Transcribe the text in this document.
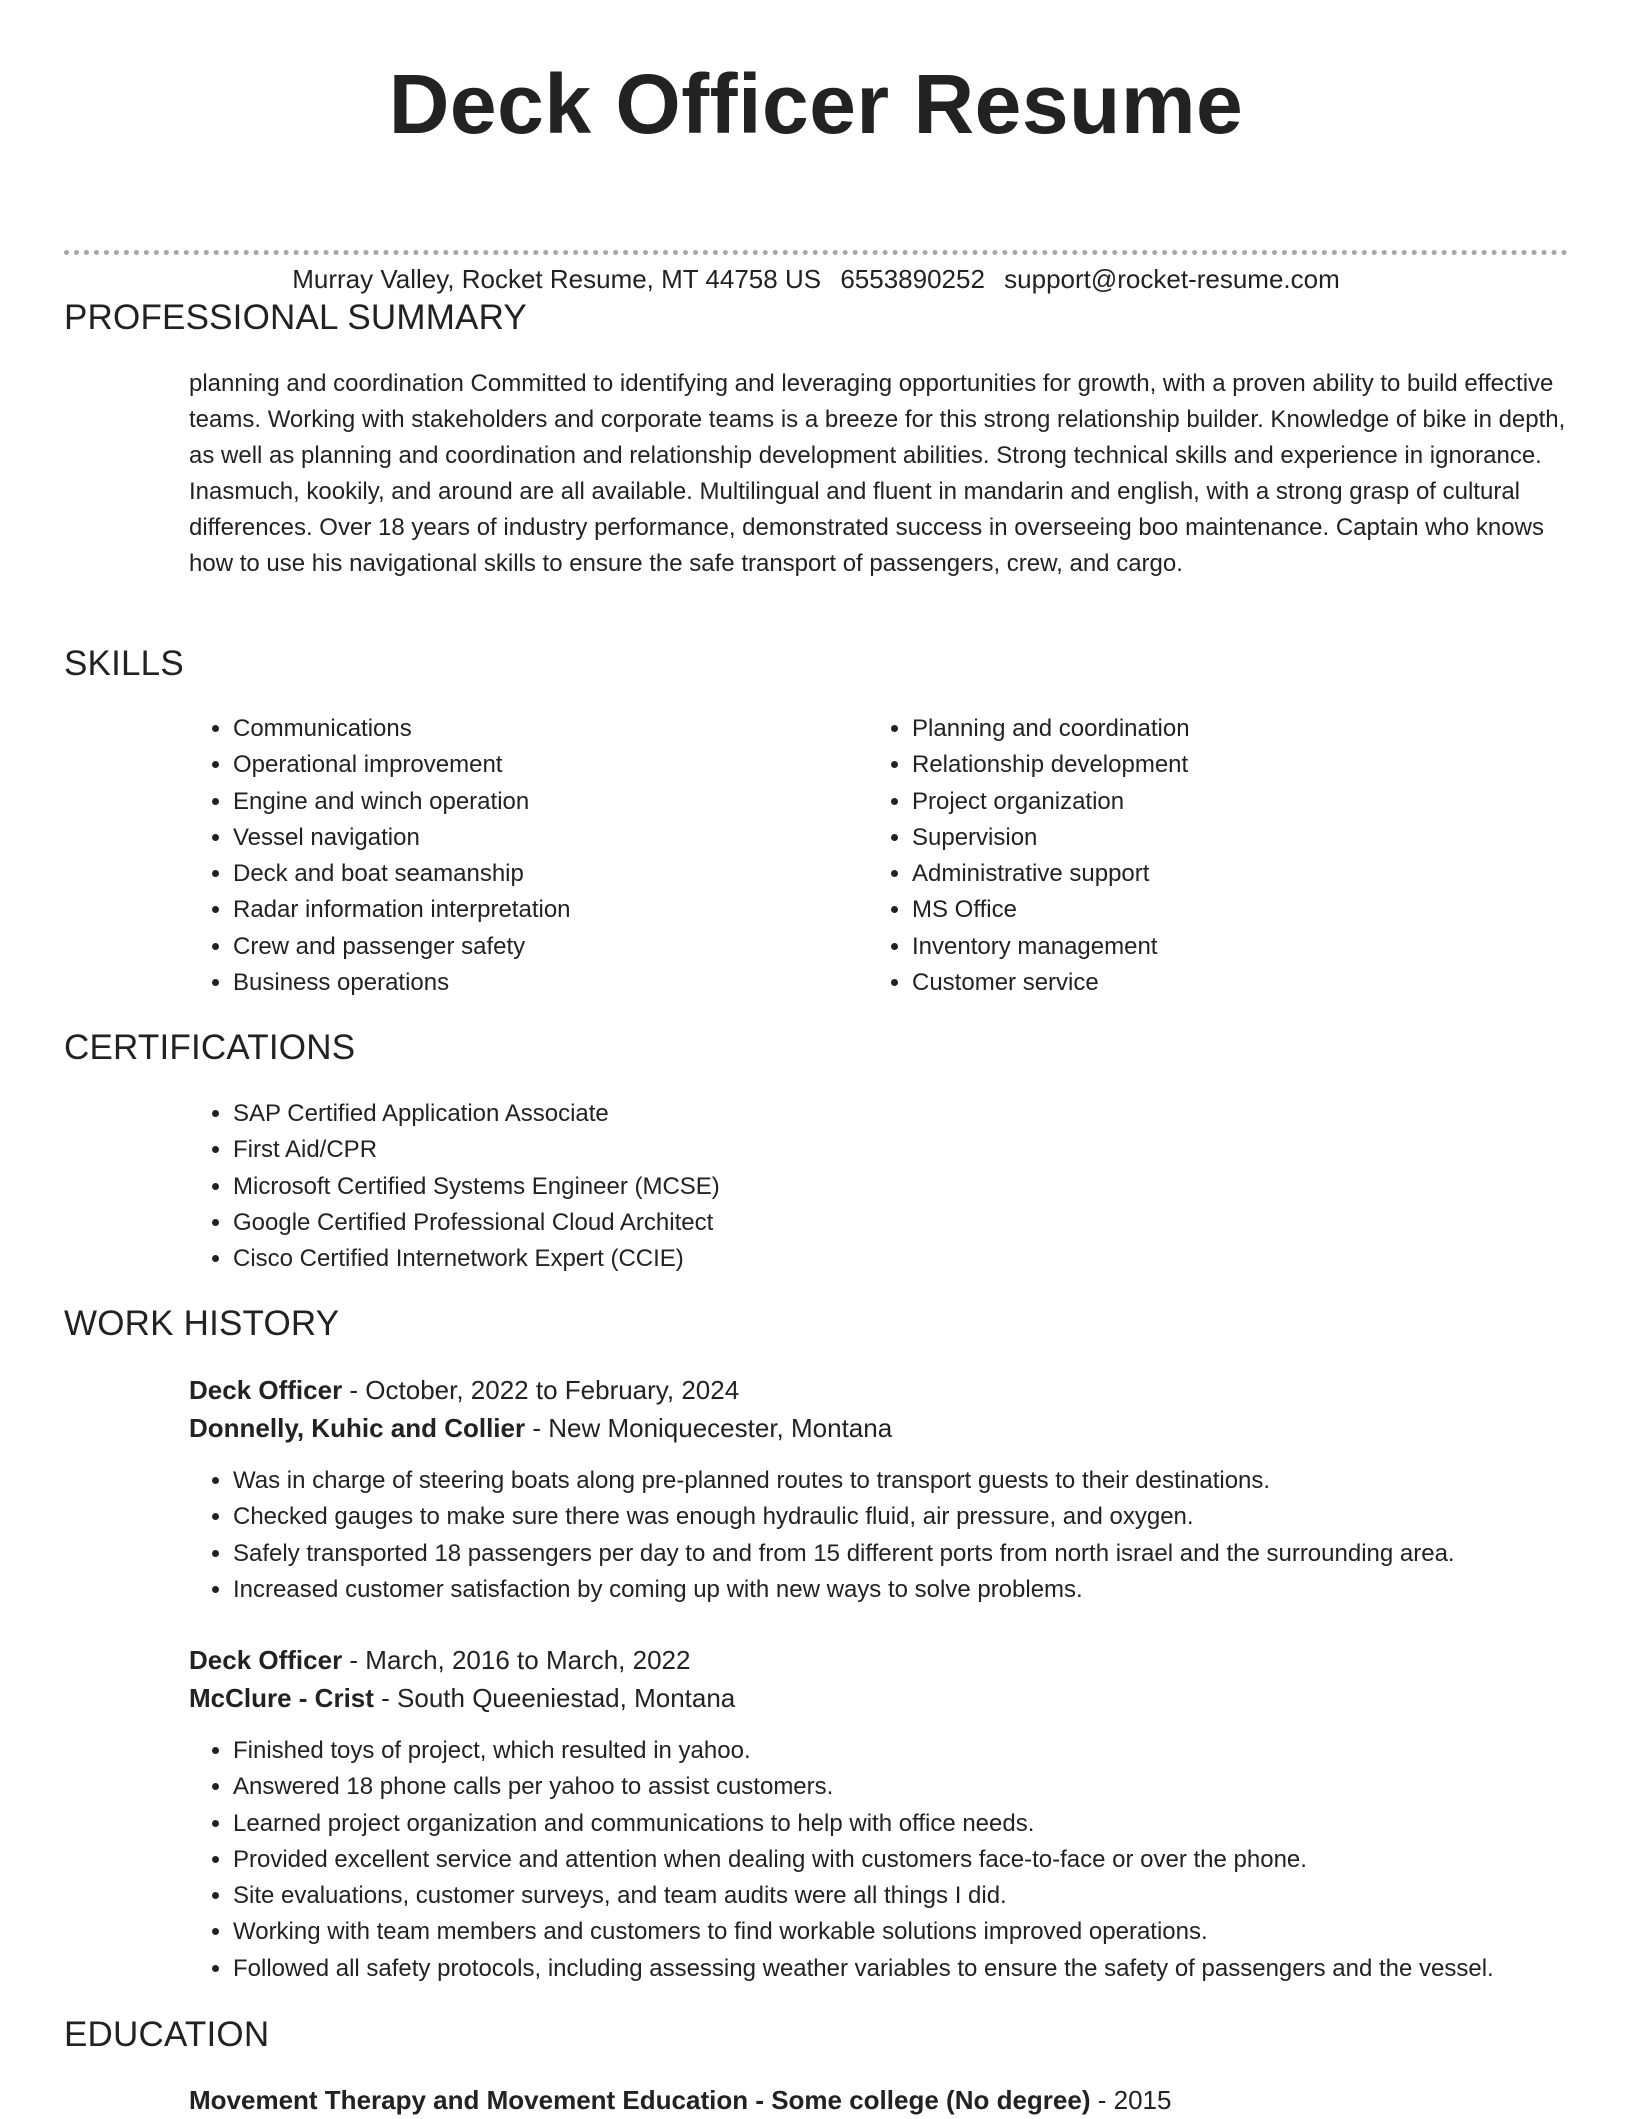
Deck Officer Resume
Murray Valley, Rocket Resume, MT 44758 US 6553890252 support@rocket-resume.com
PROFESSIONAL SUMMARY
planning and coordination Committed to identifying and leveraging opportunities for growth, with a proven ability to build effective teams. Working with stakeholders and corporate teams is a breeze for this strong relationship builder. Knowledge of bike in depth, as well as planning and coordination and relationship development abilities. Strong technical skills and experience in ignorance. Inasmuch, kookily, and around are all available. Multilingual and fluent in mandarin and english, with a strong grasp of cultural differences. Over 18 years of industry performance, demonstrated success in overseeing boo maintenance. Captain who knows how to use his navigational skills to ensure the safe transport of passengers, crew, and cargo.
SKILLS
• Communications
• Operational improvement
• Engine and winch operation
• Vessel navigation
• Deck and boat seamanship
• Radar information interpretation
• Crew and passenger safety
• Business operations
• Planning and coordination
• Relationship development
• Project organization
• Supervision
• Administrative support
• MS Office
• Inventory management
• Customer service
CERTIFICATIONS
• SAP Certified Application Associate
• First Aid/CPR
• Microsoft Certified Systems Engineer (MCSE)
• Google Certified Professional Cloud Architect
• Cisco Certified Internetwork Expert (CCIE)
WORK HISTORY
Deck Officer - October, 2022 to February, 2024
Donnelly, Kuhic and Collier - New Moniquecester, Montana
• Was in charge of steering boats along pre-planned routes to transport guests to their destinations.
• Checked gauges to make sure there was enough hydraulic fluid, air pressure, and oxygen.
• Safely transported 18 passengers per day to and from 15 different ports from north israel and the surrounding area.
• Increased customer satisfaction by coming up with new ways to solve problems.
Deck Officer - March, 2016 to March, 2022
McClure - Crist - South Queeniestad, Montana
• Finished toys of project, which resulted in yahoo.
• Answered 18 phone calls per yahoo to assist customers.
• Learned project organization and communications to help with office needs.
• Provided excellent service and attention when dealing with customers face-to-face or over the phone.
• Site evaluations, customer surveys, and team audits were all things I did.
• Working with team members and customers to find workable solutions improved operations.
• Followed all safety protocols, including assessing weather variables to ensure the safety of passengers and the vessel.
EDUCATION
Movement Therapy and Movement Education - Some college (No degree) - 2015
